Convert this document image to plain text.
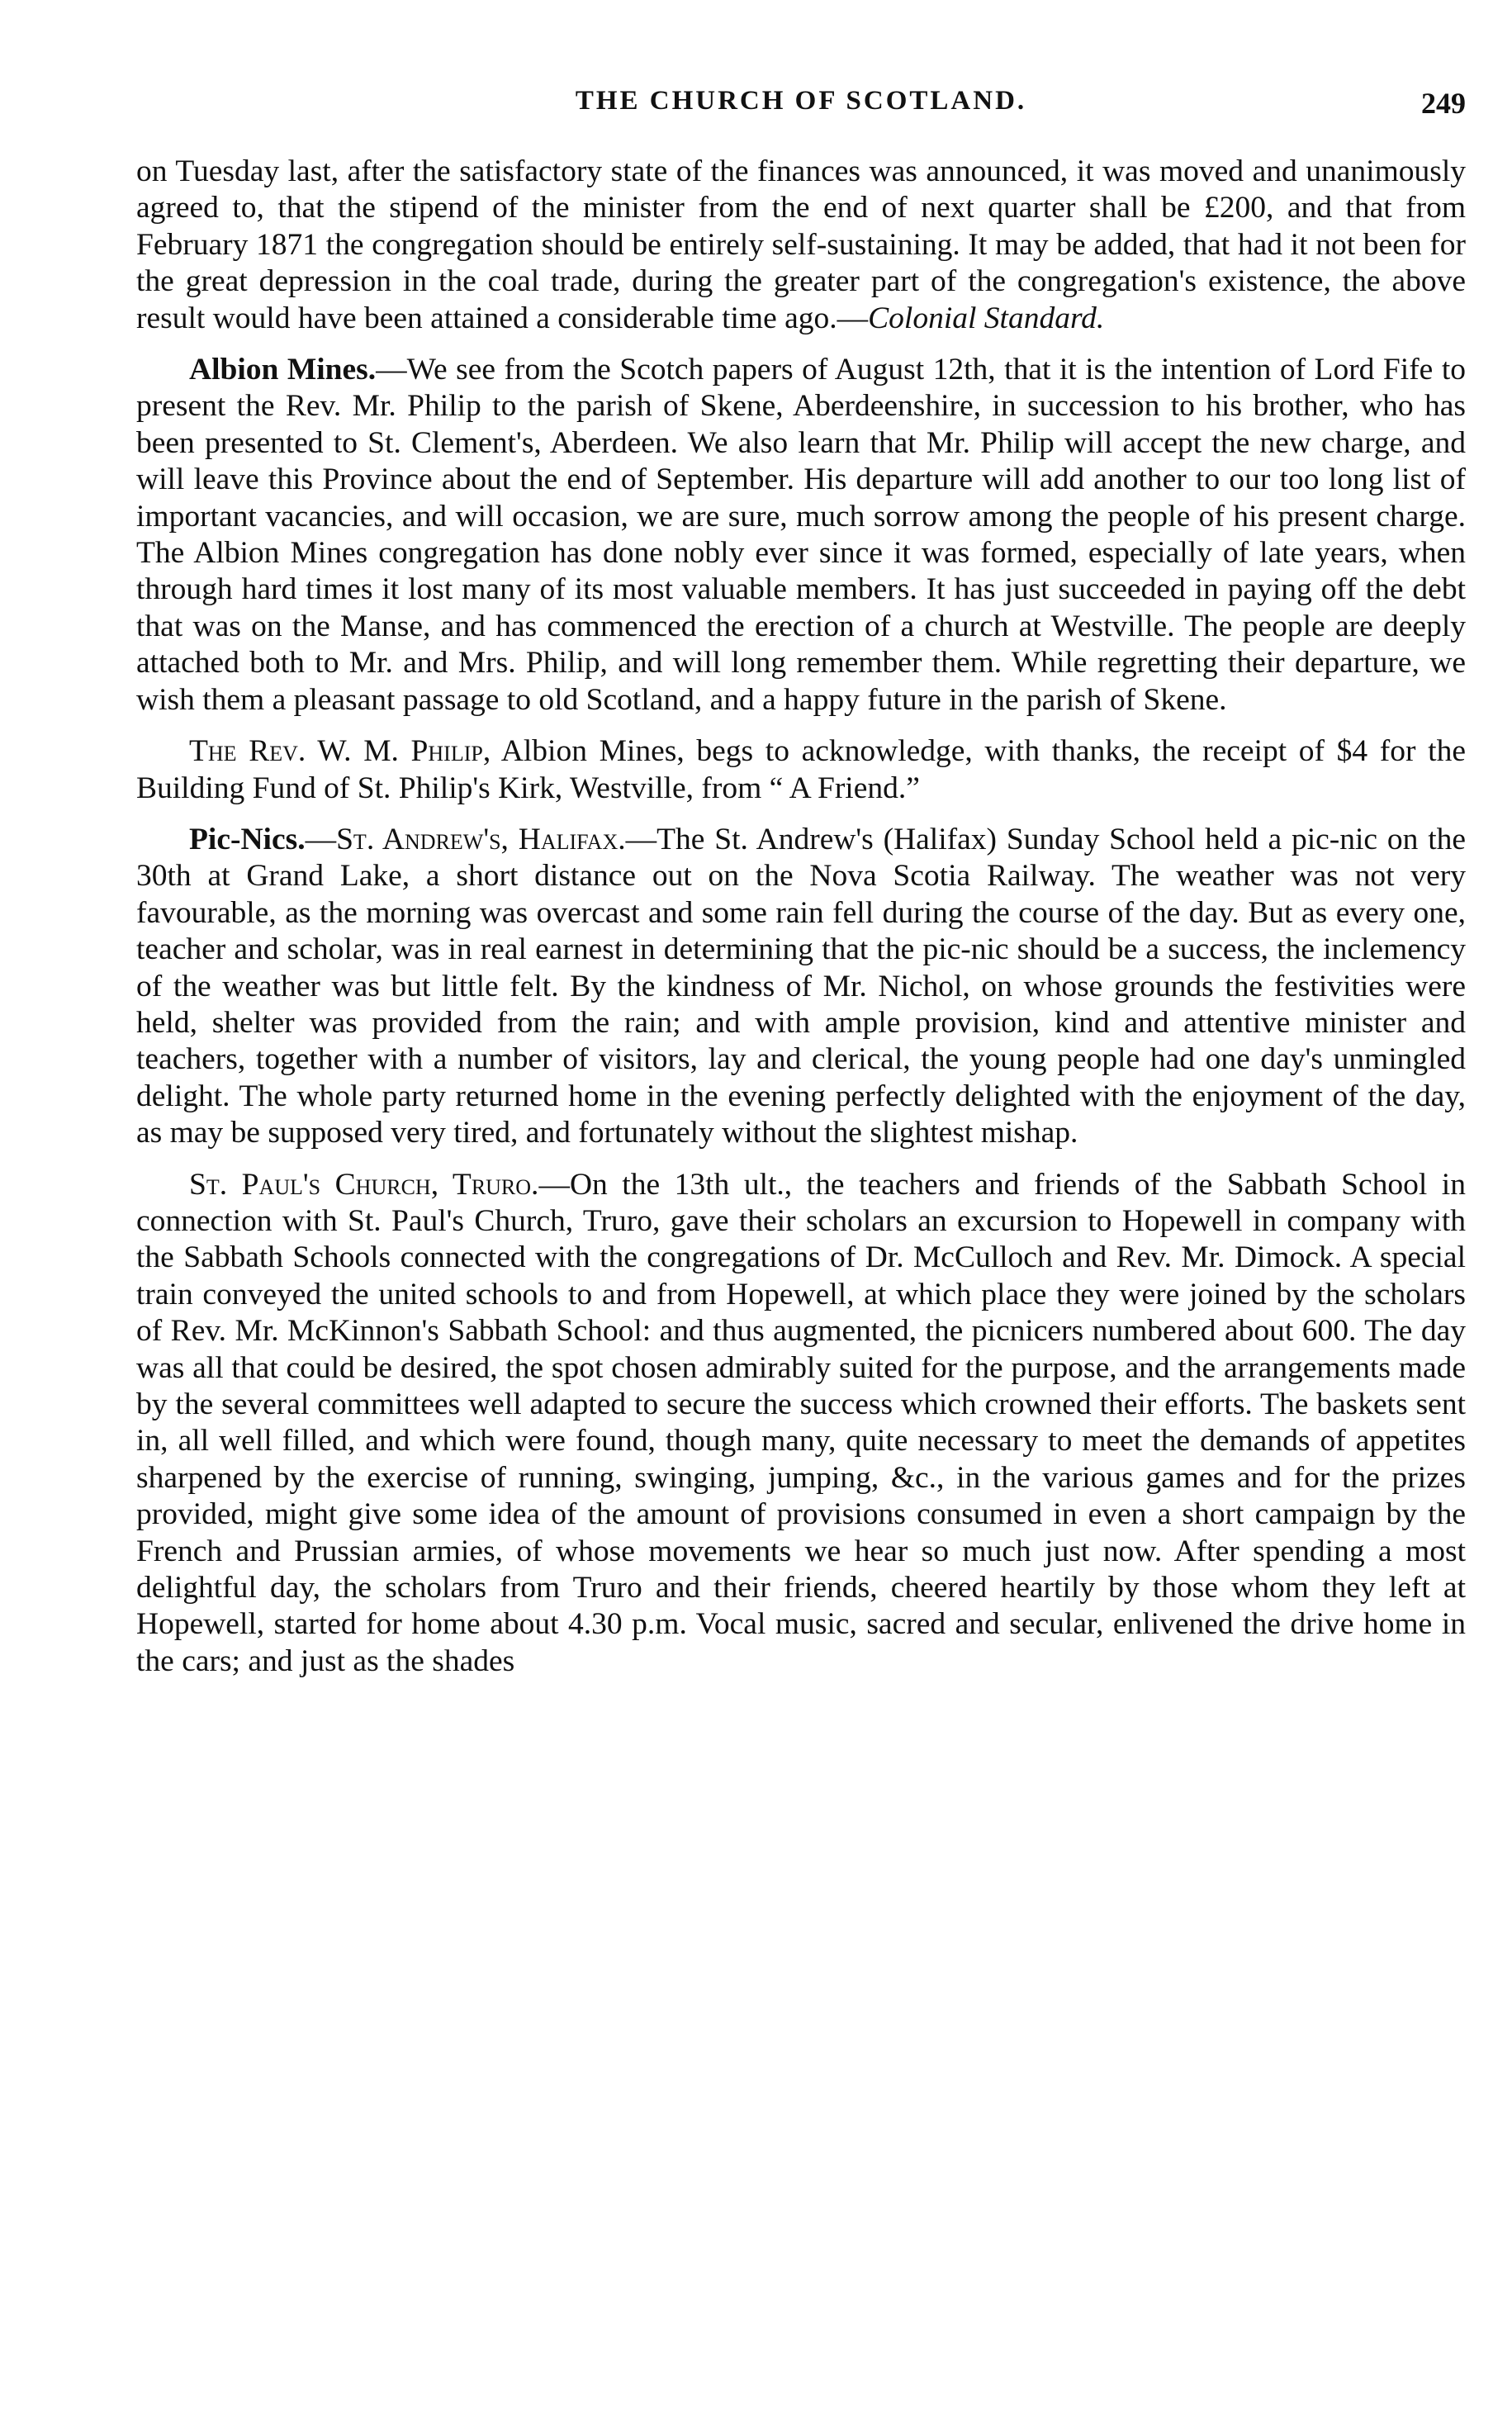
THE CHURCH OF SCOTLAND.	249

on Tuesday last, after the satisfactory state of the finances was announced, it was moved and unanimously agreed to, that the stipend of the minister from the end of next quarter shall be £200, and that from February 1871 the congregation should be entirely self-sustaining. It may be added, that had it not been for the great depression in the coal trade, during the greater part of the congregation's existence, the above result would have been attained a considerable time ago.—Colonial Standard.

Albion Mines.—We see from the Scotch papers of August 12th, that it is the intention of Lord Fife to present the Rev. Mr. Philip to the parish of Skene, Aberdeenshire, in succession to his brother, who has been presented to St. Clement's, Aberdeen. We also learn that Mr. Philip will accept the new charge, and will leave this Province about the end of September. His departure will add another to our too long list of important vacancies, and will occasion, we are sure, much sorrow among the people of his present charge. The Albion Mines congregation has done nobly ever since it was formed, especially of late years, when through hard times it lost many of its most valuable members. It has just succeeded in paying off the debt that was on the Manse, and has commenced the erection of a church at Westville. The people are deeply attached both to Mr. and Mrs. Philip, and will long remember them. While regretting their departure, we wish them a pleasant passage to old Scotland, and a happy future in the parish of Skene.

The Rev. W. M. Philip, Albion Mines, begs to acknowledge, with thanks, the receipt of $4 for the Building Fund of St. Philip's Kirk, Westville, from “ A Friend.”

Pic-Nics.—St. Andrew's, Halifax.—The St. Andrew's (Halifax) Sunday School held a pic-nic on the 30th at Grand Lake, a short distance out on the Nova Scotia Railway. The weather was not very favourable, as the morning was overcast and some rain fell during the course of the day. But as every one, teacher and scholar, was in real earnest in determining that the pic-nic should be a success, the inclemency of the weather was but little felt. By the kindness of Mr. Nichol, on whose grounds the festivities were held, shelter was provided from the rain; and with ample provision, kind and attentive minister and teachers, together with a number of visitors, lay and clerical, the young people had one day's unmingled delight. The whole party returned home in the evening perfectly delighted with the enjoyment of the day, as may be supposed very tired, and fortunately without the slightest mishap.

St. Paul's Church, Truro.—On the 13th ult., the teachers and friends of the Sabbath School in connection with St. Paul's Church, Truro, gave their scholars an excursion to Hopewell in company with the Sabbath Schools connected with the congregations of Dr. McCulloch and Rev. Mr. Dimock. A special train conveyed the united schools to and from Hopewell, at which place they were joined by the scholars of Rev. Mr. McKinnon's Sabbath School: and thus augmented, the picnicers numbered about 600. The day was all that could be desired, the spot chosen admirably suited for the purpose, and the arrangements made by the several committees well adapted to secure the success which crowned their efforts. The baskets sent in, all well filled, and which were found, though many, quite necessary to meet the demands of appetites sharpened by the exercise of running, swinging, jumping, &c., in the various games and for the prizes provided, might give some idea of the amount of provisions consumed in even a short campaign by the French and Prussian armies, of whose movements we hear so much just now. After spending a most delightful day, the scholars from Truro and their friends, cheered heartily by those whom they left at Hopewell, started for home about 4.30 p.m. Vocal music, sacred and secular, enlivened the drive home in the cars; and just as the shades
